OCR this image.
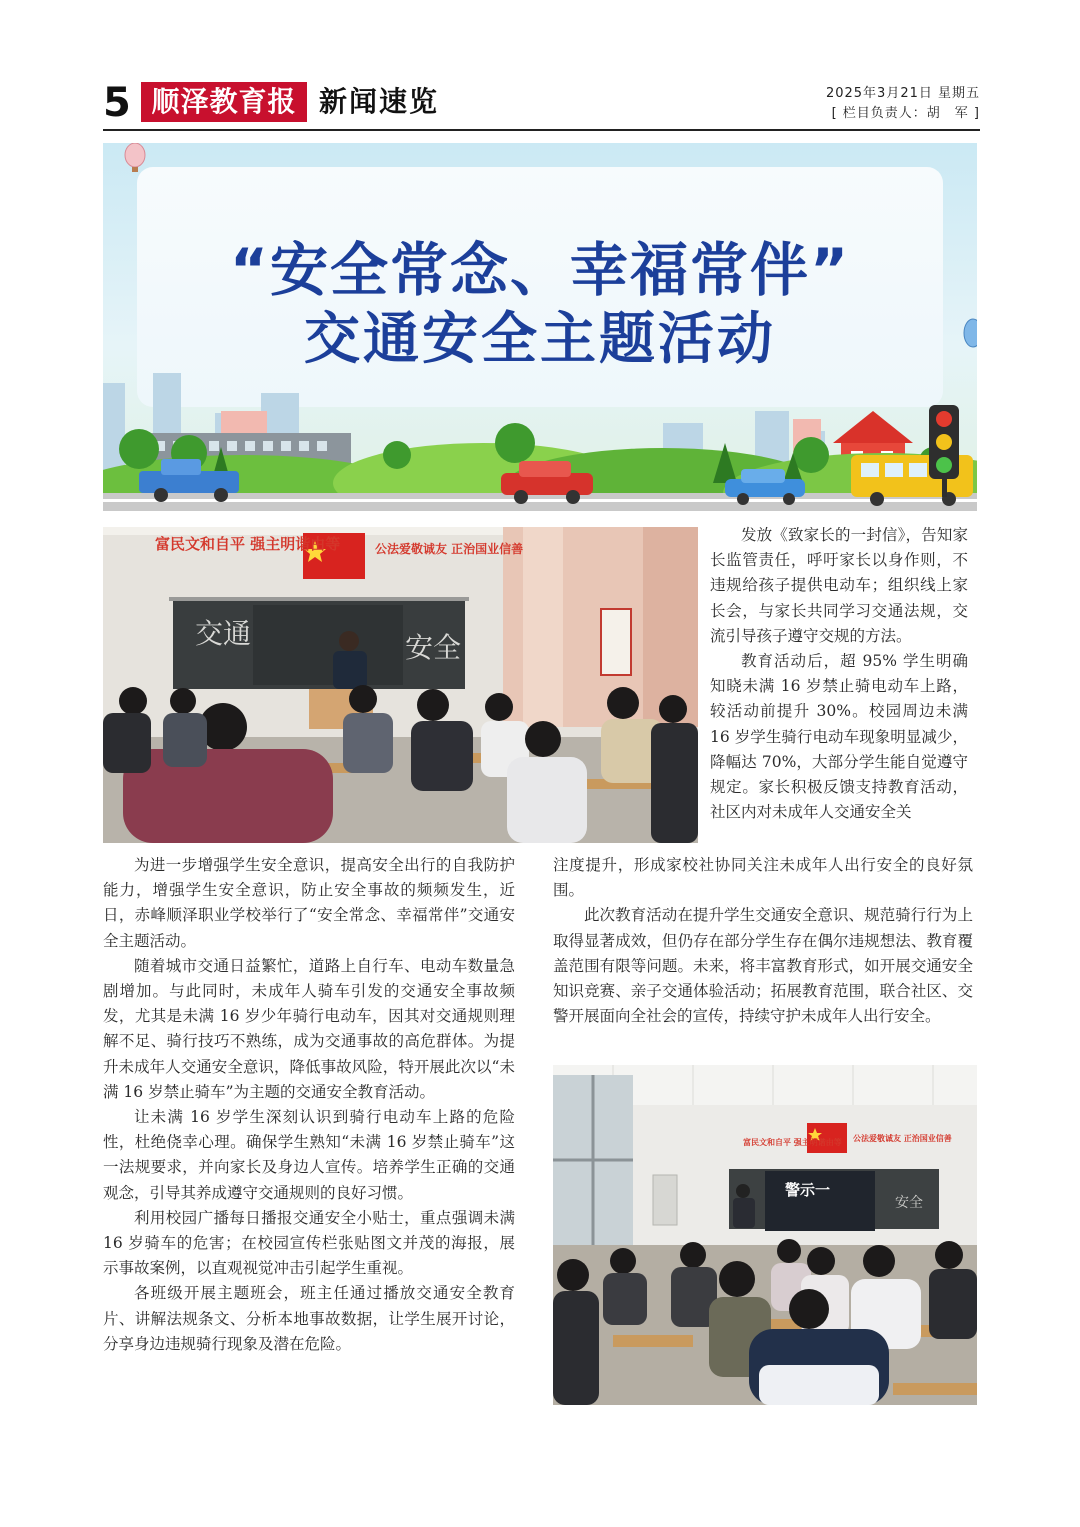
5 顺泽教育报 新闻速览	2025年3月21日 星期五
[ 栏目负责人：胡　军 ]
“安全常念、幸福常伴”
交通安全主题活动
富民文和自平 强主明谐由等	公法爱敬诚友 正治国业信善
交通	安全

发放《致家长的一封信》，告知家长监管责任，呼吁家长以身作则，不违规给孩子提供电动车；组织线上家长会，与家长共同学习交通法规，交流引导孩子遵守交规的方法。

教育活动后，超 95% 学生明确知晓未满 16 岁禁止骑电动车上路，较活动前提升 30%。校园周边未满 16 岁学生骑行电动车现象明显减少，降幅达 70%，大部分学生能自觉遵守规定。家长积极反馈支持教育活动，社区内对未成年人交通安全关

为进一步增强学生安全意识，提高安全出行的自我防护能力，增强学生安全意识，防止安全事故的频频发生，近日，赤峰顺泽职业学校举行了“安全常念、幸福常伴”交通安全主题活动。

随着城市交通日益繁忙，道路上自行车、电动车数量急剧增加。与此同时，未成年人骑车引发的交通安全事故频发，尤其是未满 16 岁少年骑行电动车，因其对交通规则理解不足、骑行技巧不熟练，成为交通事故的高危群体。为提升未成年人交通安全意识，降低事故风险，特开展此次以“未满 16 岁禁止骑车”为主题的交通安全教育活动。

让未满 16 岁学生深刻认识到骑行电动车上路的危险性，杜绝侥幸心理。确保学生熟知“未满 16 岁禁止骑车”这一法规要求，并向家长及身边人宣传。培养学生正确的交通观念，引导其养成遵守交通规则的良好习惯。

利用校园广播每日播报交通安全小贴士，重点强调未满 16 岁骑车的危害；在校园宣传栏张贴图文并茂的海报，展示事故案例，以直观视觉冲击引起学生重视。

各班级开展主题班会，班主任通过播放交通安全教育片、讲解法规条文、分析本地事故数据，让学生展开讨论，分享身边违规骑行现象及潜在危险。

注度提升，形成家校社协同关注未成年人出行安全的良好氛围。

此次教育活动在提升学生交通安全意识、规范骑行行为上取得显著成效，但仍存在部分学生存在偶尔违规想法、教育覆盖范围有限等问题。未来，将丰富教育形式，如开展交通安全知识竞赛、亲子交通体验活动；拓展教育范围，联合社区、交警开展面向全社会的宣传，持续守护未成年人出行安全。

富民文和自平 强主明谐由等 公法爱敬诚友 正治国业信善
警示一
安全
